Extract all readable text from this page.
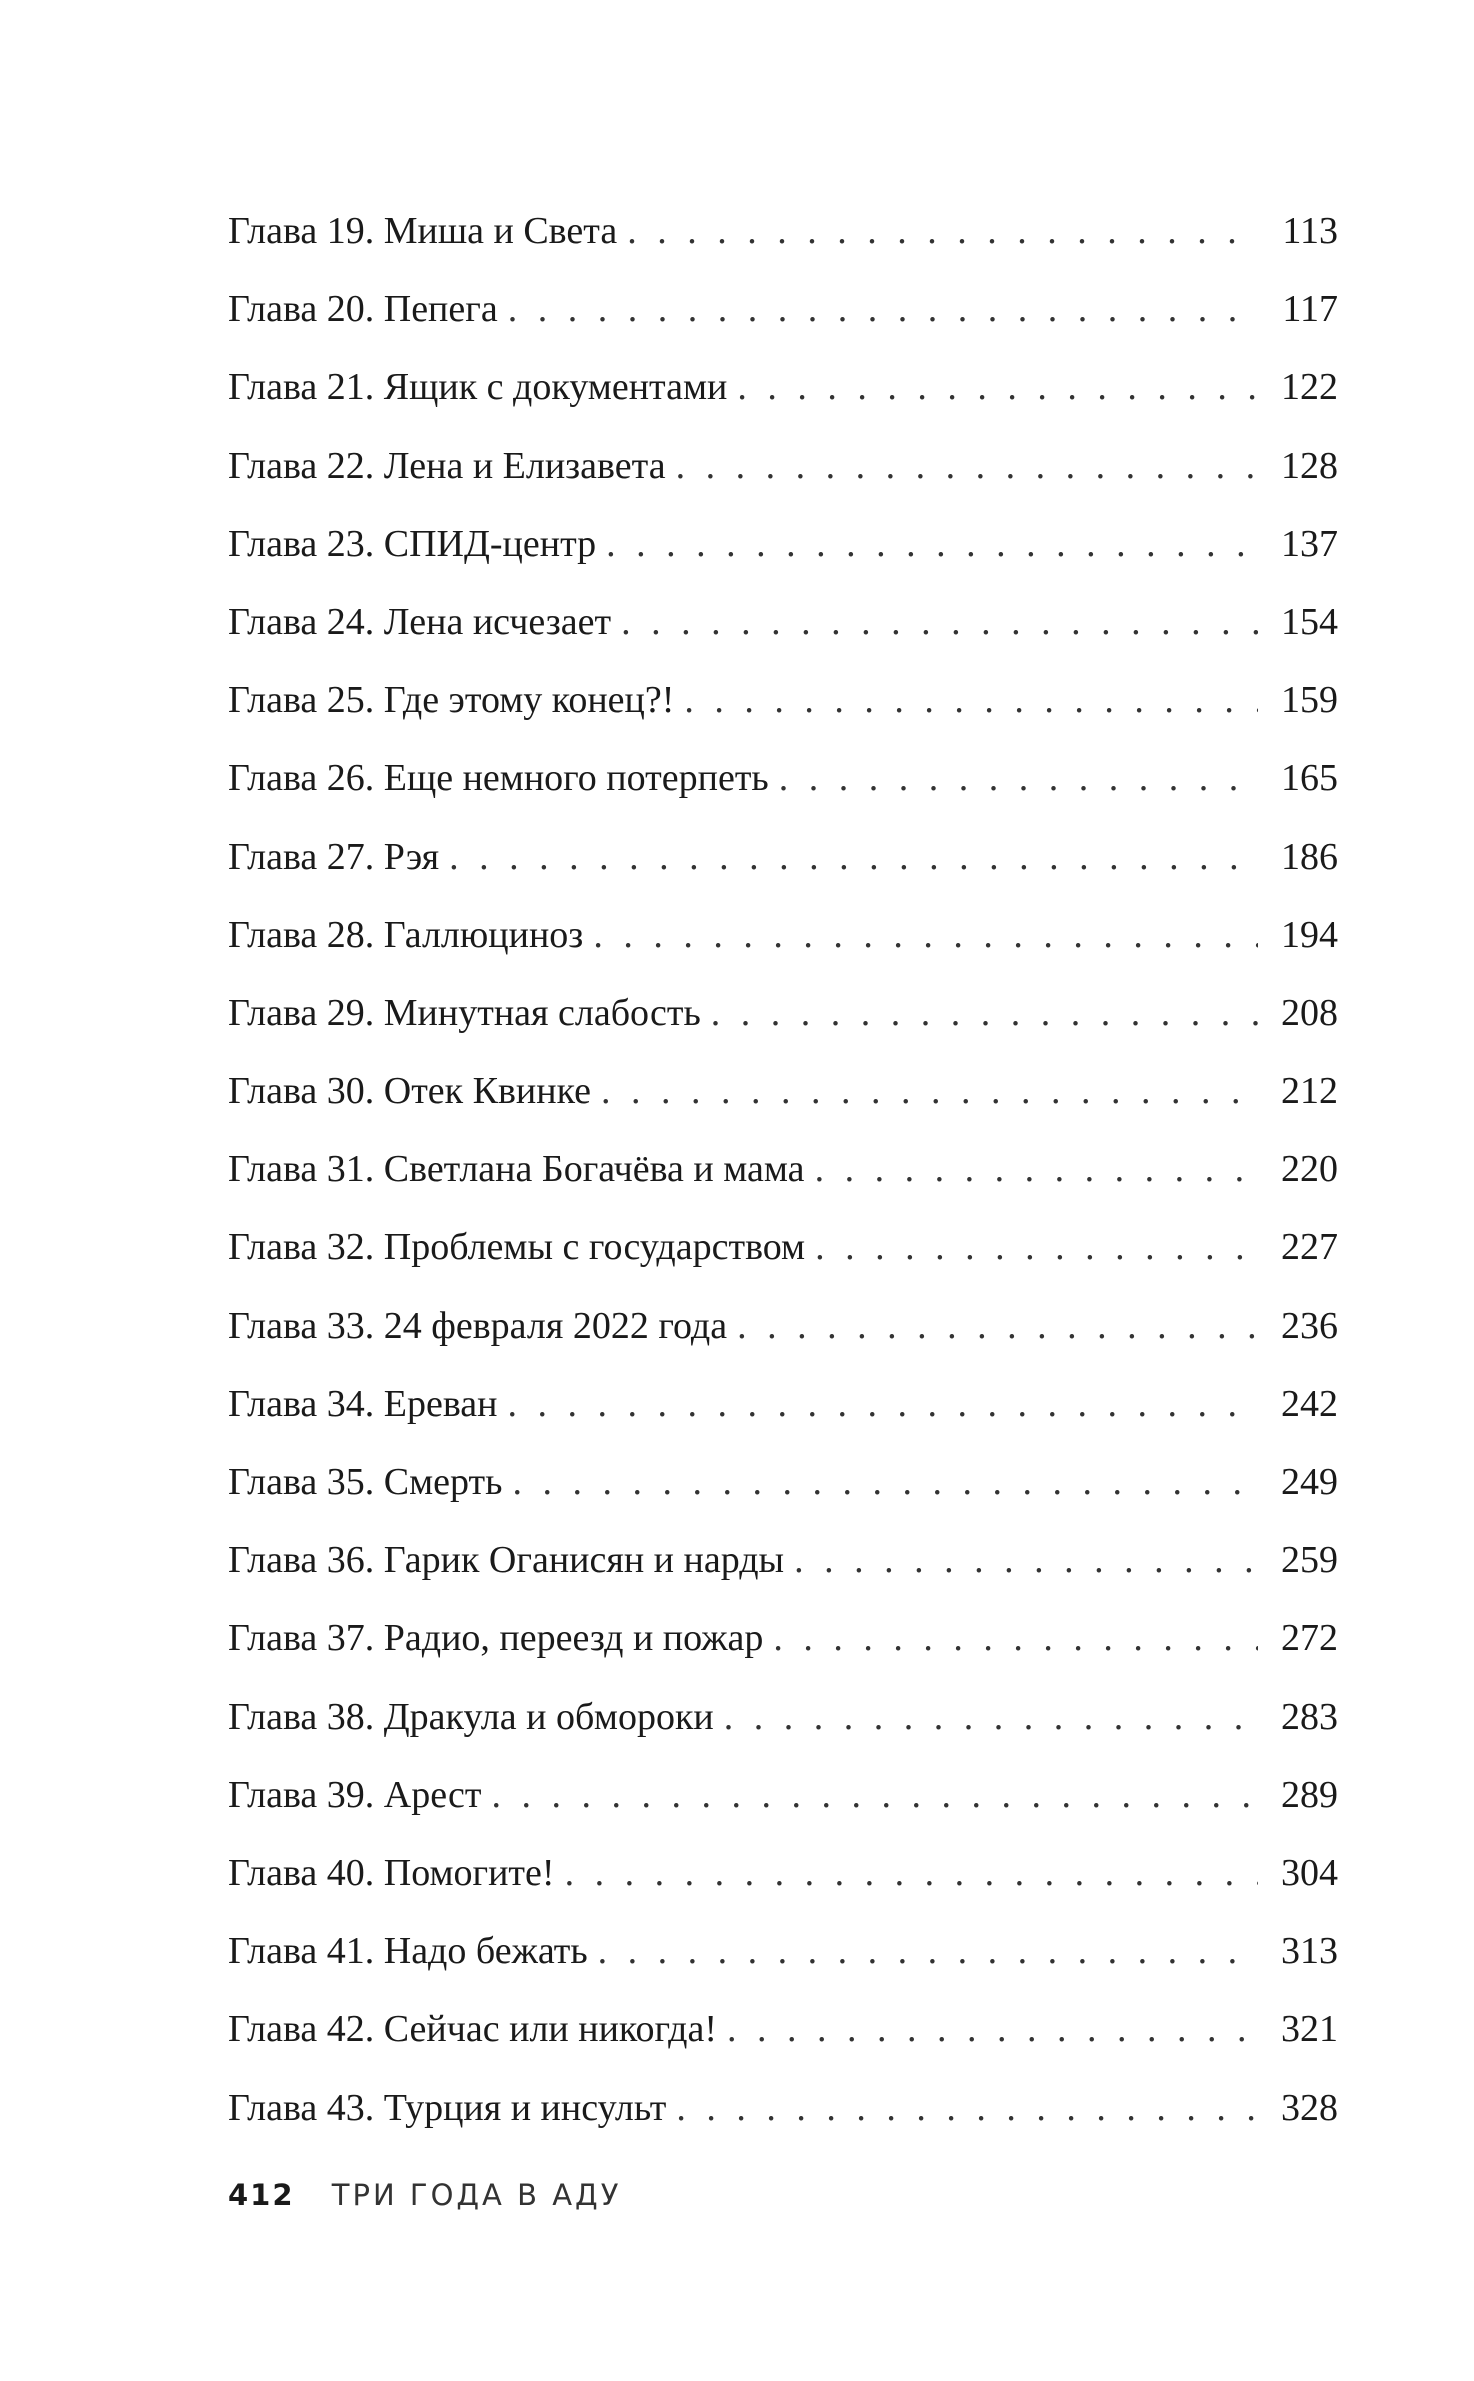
Глава 19. Миша и Света . . .	113
Глава 20. Пепега . . .	117
Глава 21. Ящик с документами . . .	122
Глава 22. Лена и Елизавета . . .	128
Глава 23. СПИД-центр . . .	137
Глава 24. Лена исчезает . . .	154
Глава 25. Где этому конец?! . . .	159
Глава 26. Еще немного потерпеть . . .	165
Глава 27. Рэя . . .	186
Глава 28. Галлюциноз . . .	194
Глава 29. Минутная слабость . . .	208
Глава 30. Отек Квинке . . .	212
Глава 31. Светлана Богачёва и мама . . .	220
Глава 32. Проблемы с государством . . .	227
Глава 33. 24 февраля 2022 года . . .	236
Глава 34. Ереван . . .	242
Глава 35. Смерть . . .	249
Глава 36. Гарик Оганисян и нарды . . .	259
Глава 37. Радио, переезд и пожар . . .	272
Глава 38. Дракула и обмороки . . .	283
Глава 39. Арест . . .	289
Глава 40. Помогите! . . .	304
Глава 41. Надо бежать . . .	313
Глава 42. Сейчас или никогда! . . .	321
Глава 43. Турция и инсульт . . .	328
412 ТРИ ГОДА В АДУ
